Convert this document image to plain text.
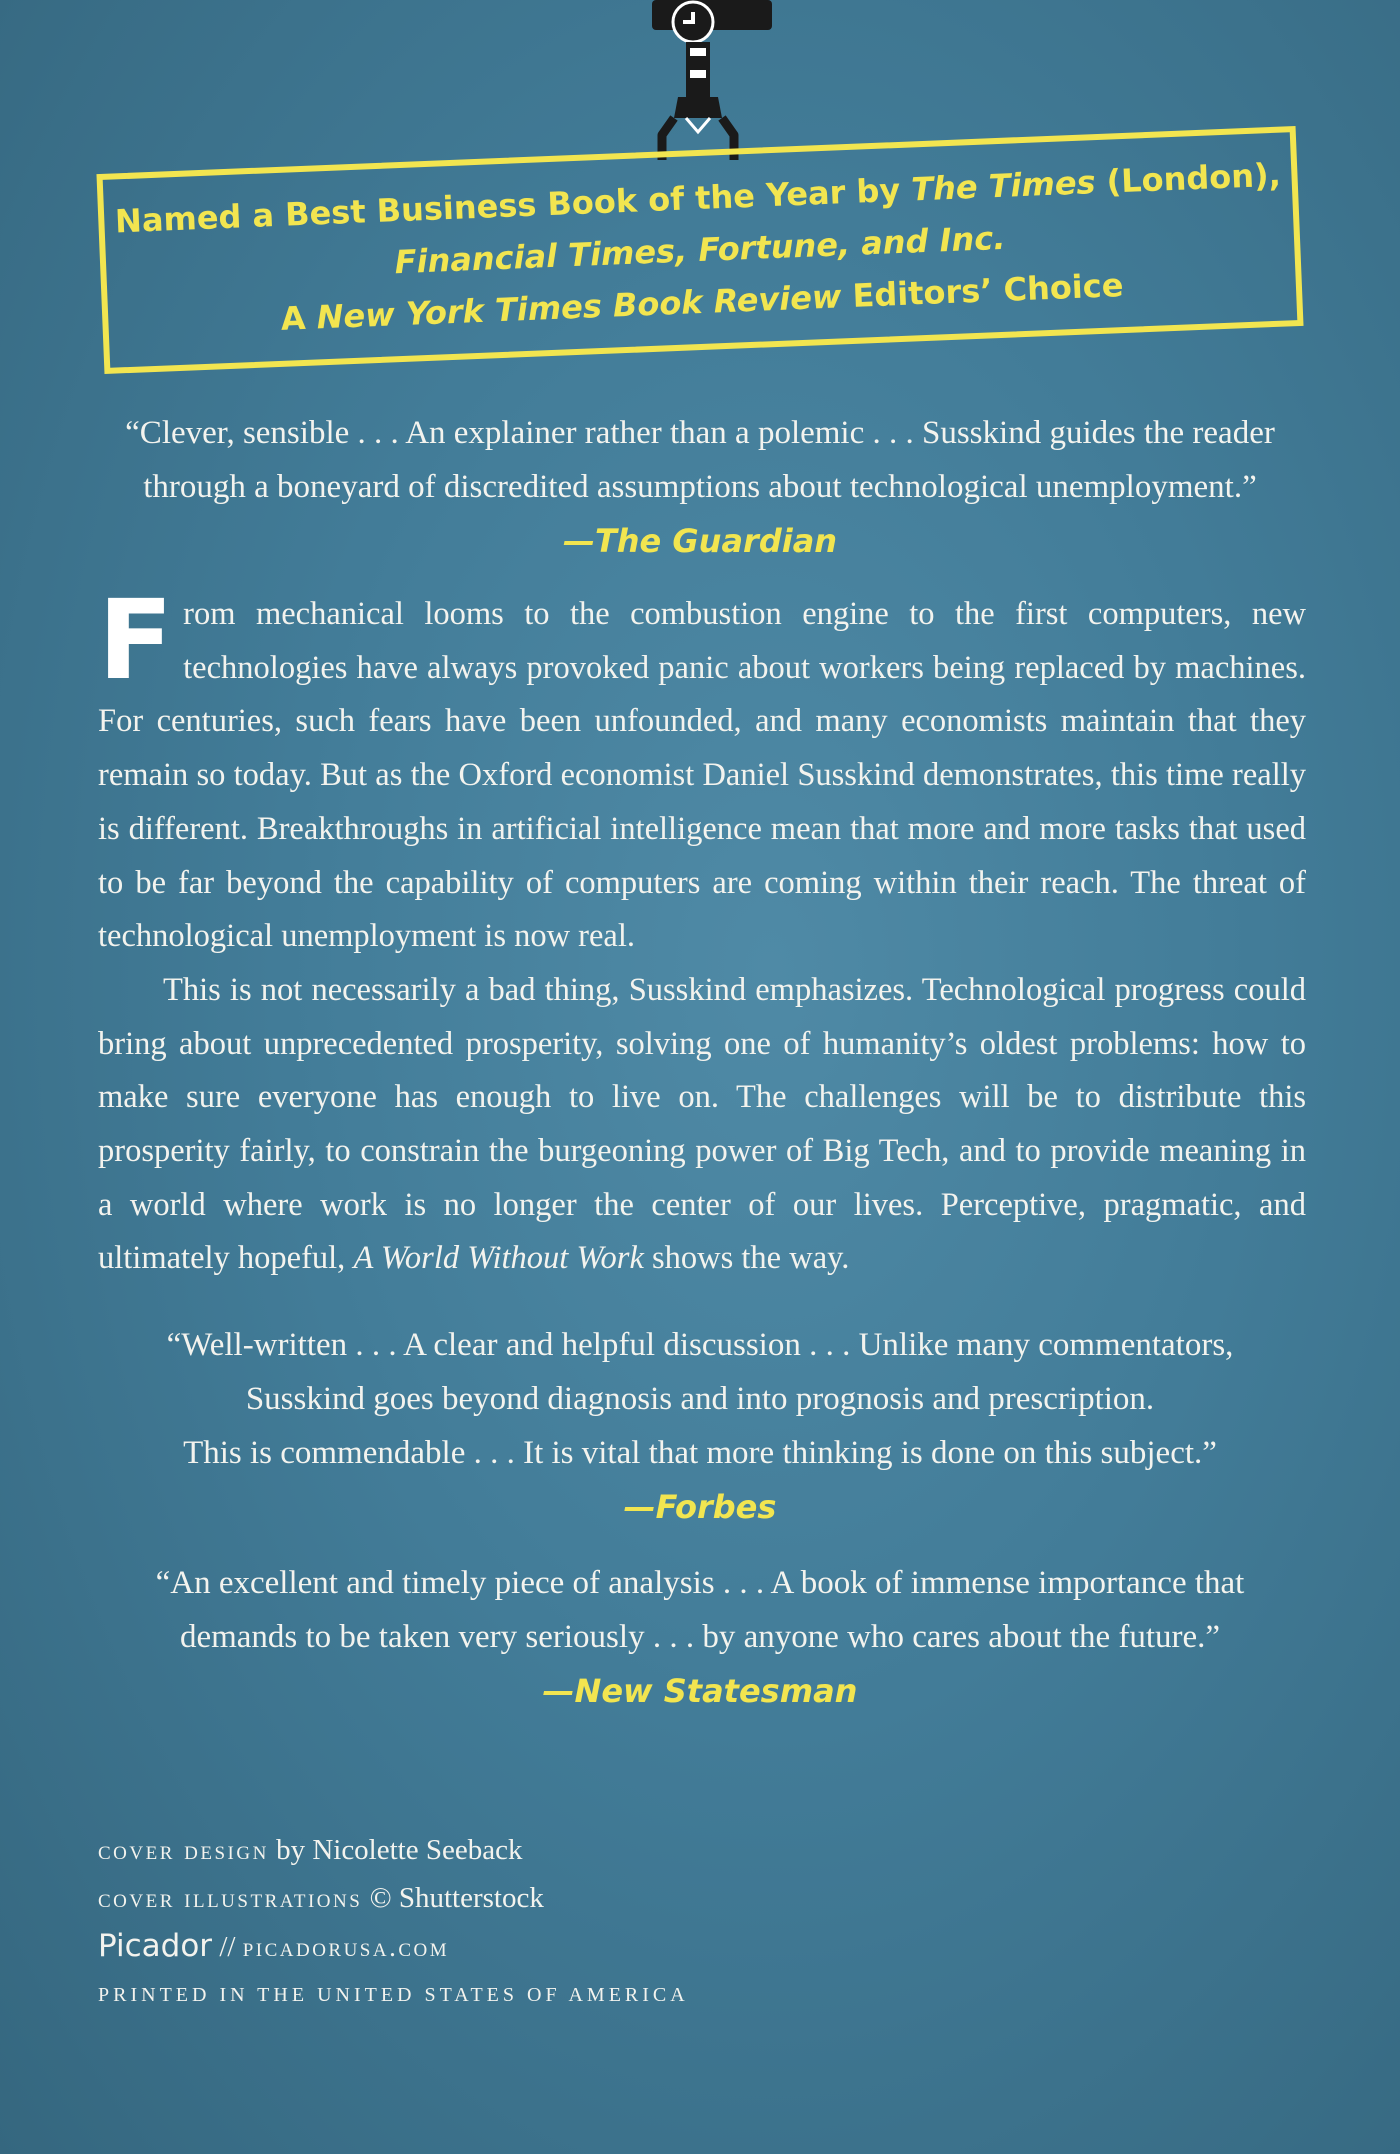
Named a Best Business Book of the Year by The Times (London),
Financial Times, Fortune, and Inc.
A New York Times Book Review Editors’ Choice
“Clever, sensible . . . An explainer rather than a polemic . . . Susskind guides the reader
through a boneyard of discredited assumptions about technological unemployment.”
—The Guardian

From mechanical looms to the combustion engine to the first computers, new technologies have always provoked panic about workers being replaced by machines. For centuries, such fears have been unfounded, and many economists maintain that they remain so today. But as the Oxford economist Daniel Susskind demonstrates, this time really is different. Breakthroughs in artificial intelligence mean that more and more tasks that used to be far beyond the capability of computers are coming within their reach. The threat of technological unemployment is now real.

This is not necessarily a bad thing, Susskind emphasizes. Technological progress could bring about unprecedented prosperity, solving one of humanity’s oldest problems: how to make sure everyone has enough to live on. The challenges will be to distribute this prosperity fairly, to constrain the burgeoning power of Big Tech, and to provide meaning in a world where work is no longer the center of our lives. Perceptive, pragmatic, and ultimately hopeful, A World Without Work shows the way.

“Well-written . . . A clear and helpful discussion . . . Unlike many commentators,
Susskind goes beyond diagnosis and into prognosis and prescription.
This is commendable . . . It is vital that more thinking is done on this subject.”
—Forbes
“An excellent and timely piece of analysis . . . A book of immense importance that
demands to be taken very seriously . . . by anyone who cares about the future.”
—New Statesman
cover design by Nicolette Seeback
cover illustrations © Shutterstock
Picador // picadorusa.com
PRINTED IN THE UNITED STATES OF AMERICA
